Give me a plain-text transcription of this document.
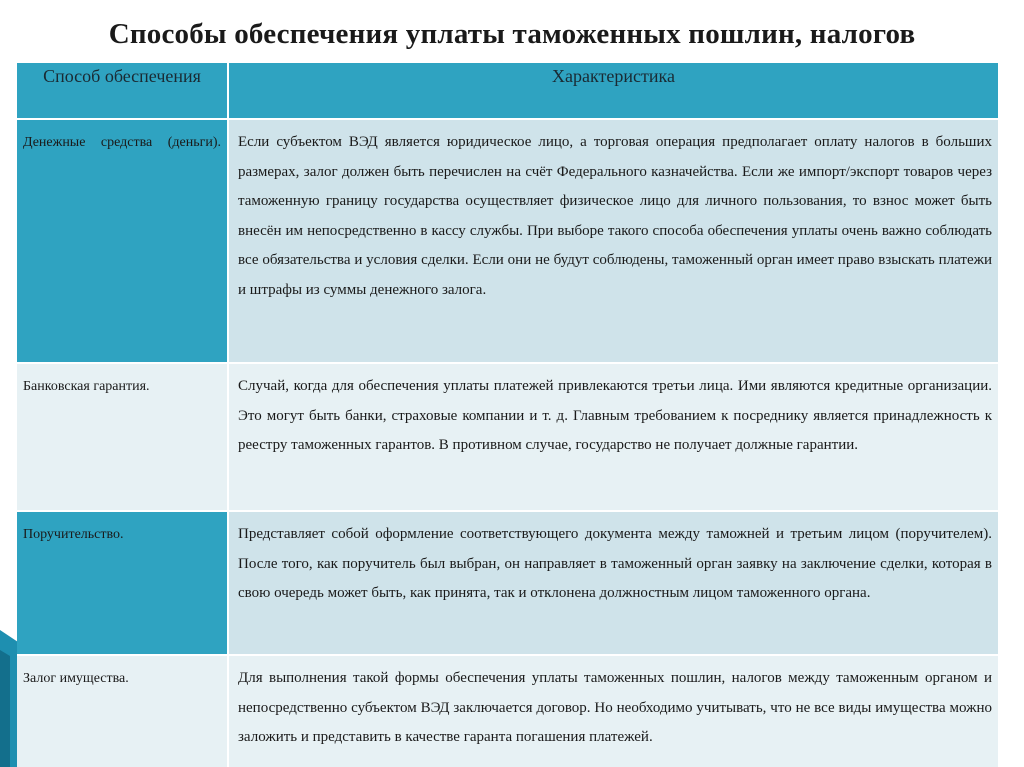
Способы обеспечения уплаты таможенных пошлин, налогов
Способ обеспечения	Характеристика

Денежные средства (деньги).	Если субъектом ВЭД является юридическое лицо, а торговая операция предполагает оплату налогов в больших размерах, залог должен быть перечислен на счёт Федерального казначейства. Если же импорт/экспорт товаров через таможенную границу государства осуществляет физическое лицо для личного пользования, то взнос может быть внесён им непосредственно в кассу службы. При выборе такого способа обеспечения уплаты очень важно соблюдать все обязательства и условия сделки. Если они не будут соблюдены, таможенный орган имеет право взыскать платежи и штрафы из суммы денежного залога.
Банковская гарантия.	Случай, когда для обеспечения уплаты платежей привлекаются третьи лица. Ими являются кредитные организации. Это могут быть банки, страховые компании и т. д. Главным требованием к посреднику является принадлежность к реестру таможенных гарантов. В противном случае, государство не получает должные гарантии.
Поручительство.	Представляет собой оформление соответствующего документа между таможней и третьим лицом (поручителем). После того, как поручитель был выбран, он направляет в таможенный орган заявку на заключение сделки, которая в свою очередь может быть, как принята, так и отклонена должностным лицом таможенного органа.
Залог имущества.	Для выполнения такой формы обеспечения уплаты таможенных пошлин, налогов между таможенным органом и непосредственно субъектом ВЭД заключается договор. Но необходимо учитывать, что не все виды имущества можно заложить и представить в качестве гаранта погашения платежей.
